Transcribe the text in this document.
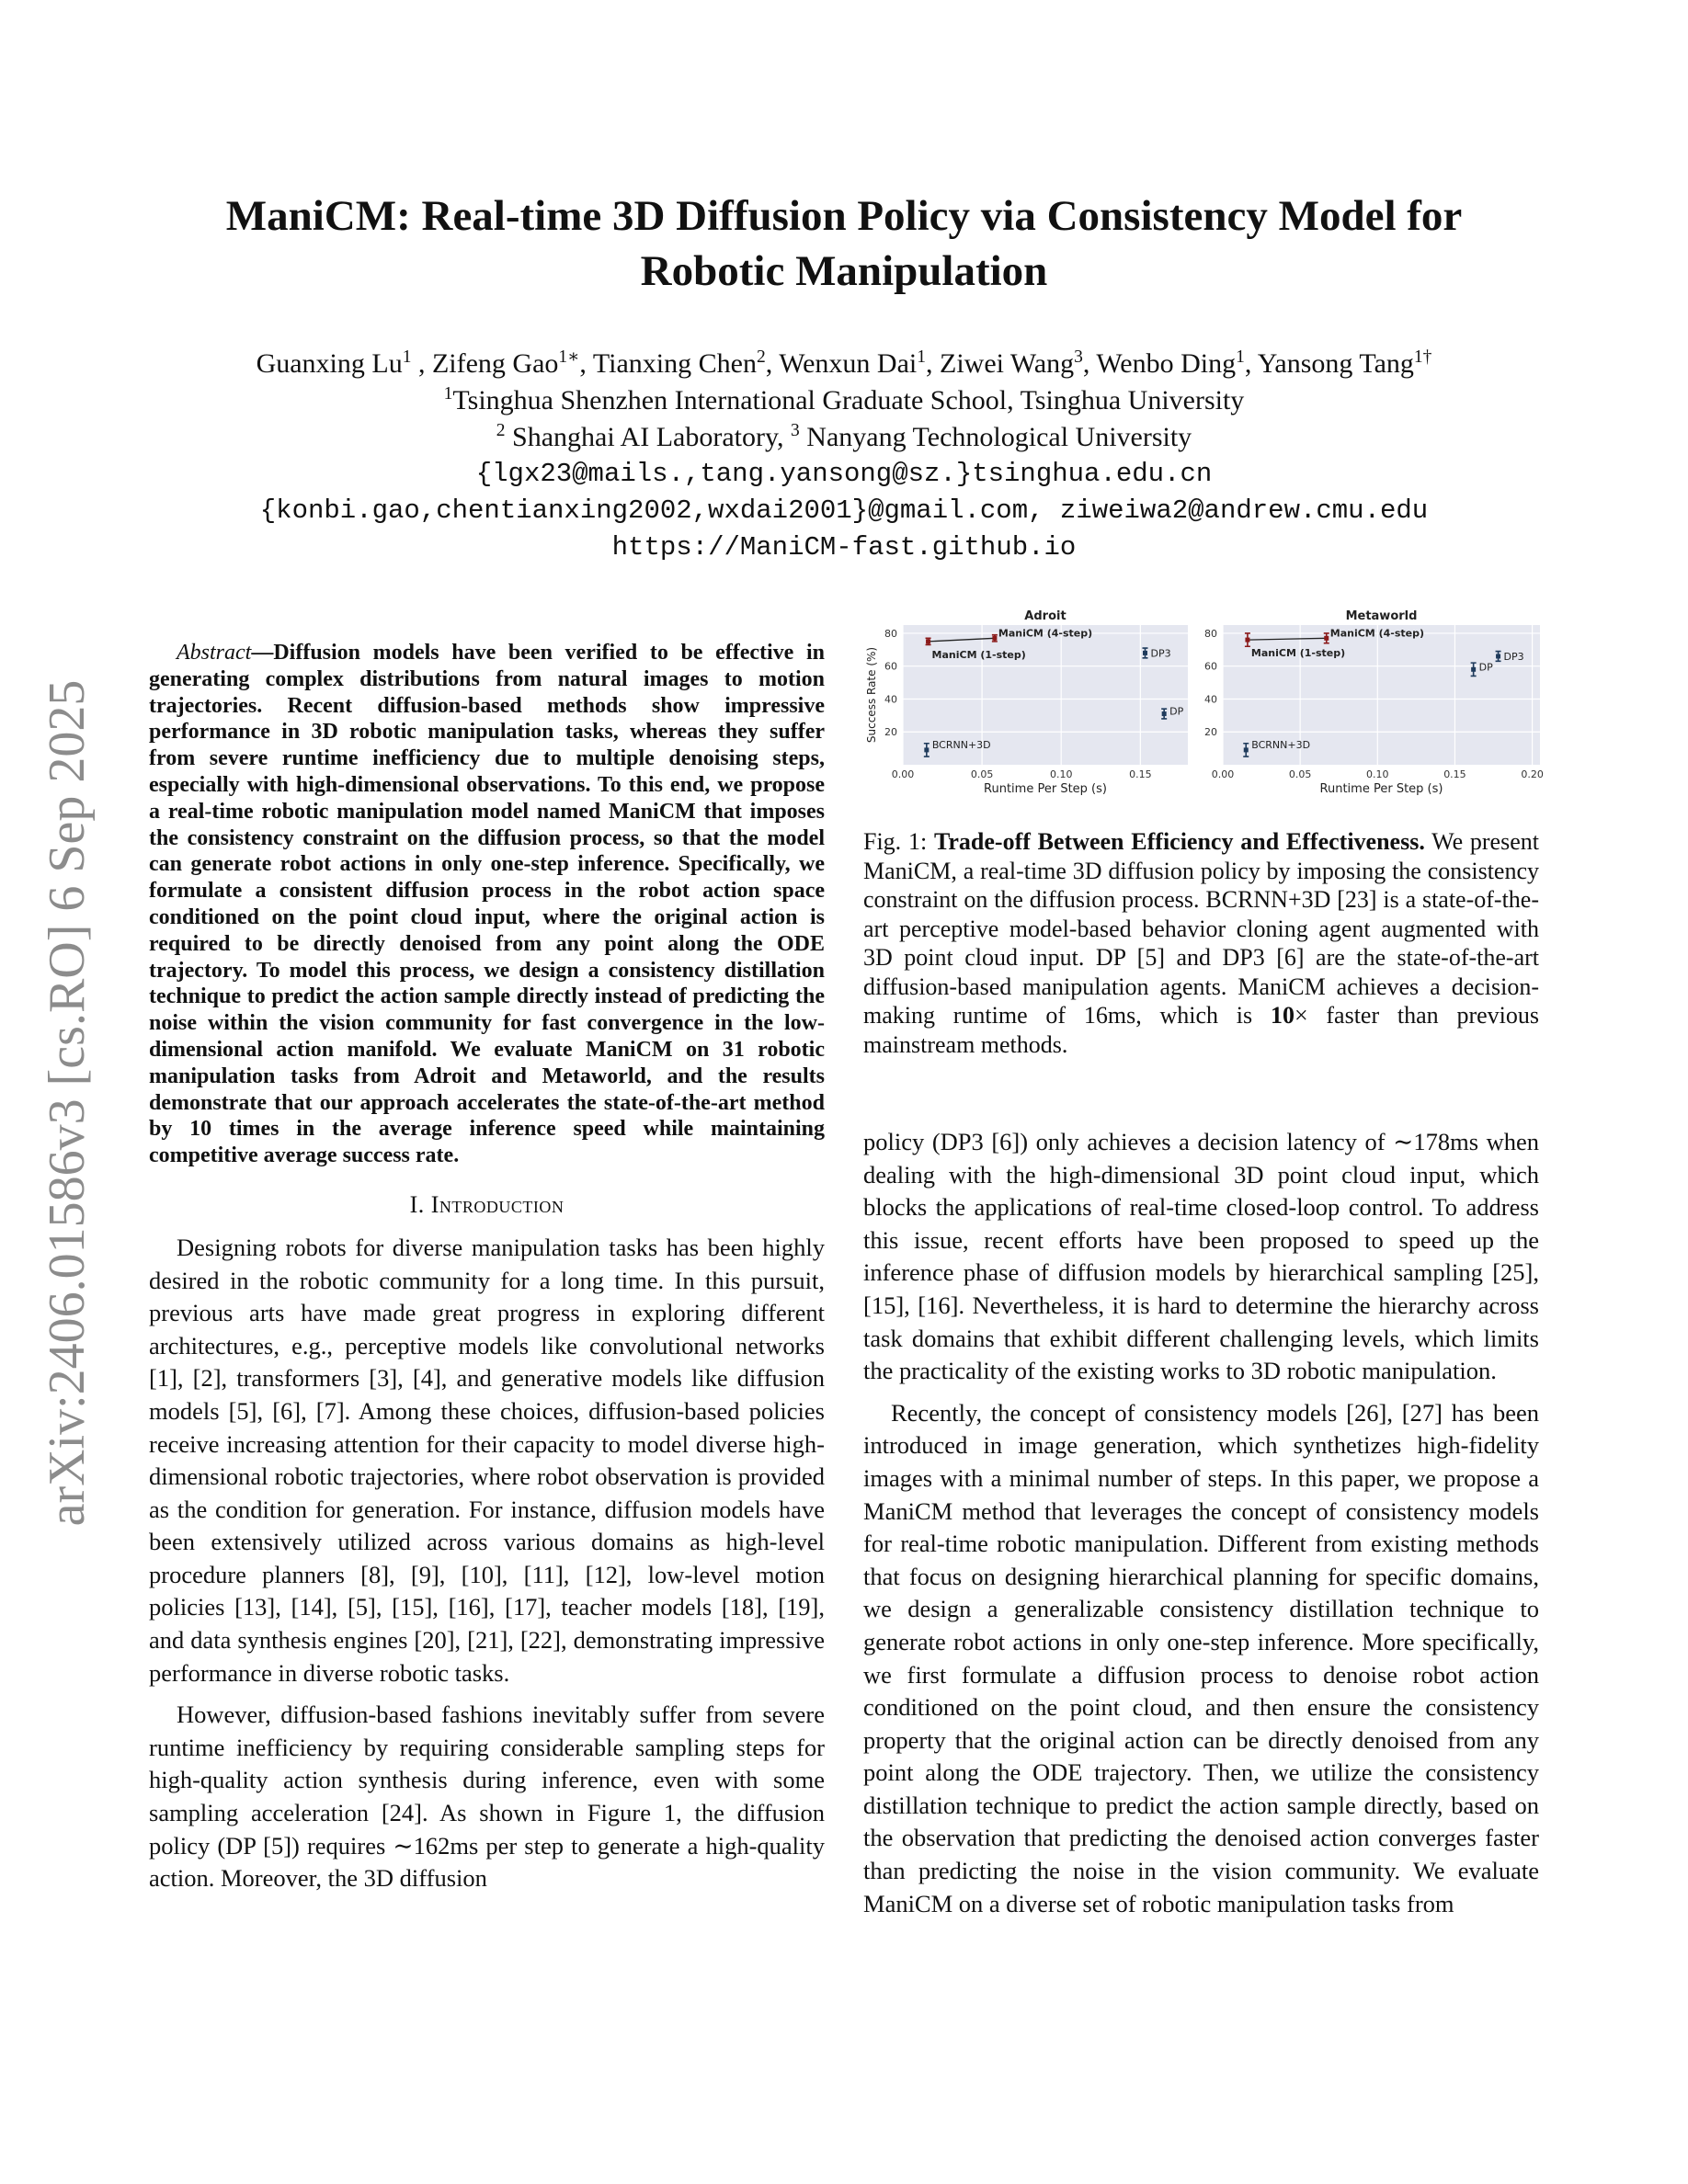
arXiv:2406.01586v3 [cs.RO] 6 Sep 2025
ManiCM: Real-time 3D Diffusion Policy via Consistency Model for
Robotic Manipulation
Guanxing Lu$^1$ , Zifeng Gao$^{1∗}$, Tianxing Chen$^2$, Wenxun Dai$^1$, Ziwei Wang$^3$, Wenbo Ding$^1$, Yansong Tang$^{1\dagger}$
$^1$Tsinghua Shenzhen International Graduate School, Tsinghua University
$^2$ Shanghai AI Laboratory, $^3$ Nanyang Technological University
{lgx23@mails.,tang.yansong@sz.}tsinghua.edu.cn
{konbi.gao,chentianxing2002,wxdai2001}@gmail.com, ziweiwa2@andrew.cmu.edu
https://ManiCM-fast.github.io

Abstract—Diffusion models have been verified to be effective in generating complex distributions from natural images to motion trajectories. Recent diffusion-based methods show impressive performance in 3D robotic manipulation tasks, whereas they suffer from severe runtime inefficiency due to multiple denoising steps, especially with high-dimensional observations. To this end, we propose a real-time robotic manipulation model named ManiCM that imposes the consistency constraint on the diffusion process, so that the model can generate robot actions in only one-step inference. Specifically, we formulate a consistent diffusion process in the robot action space conditioned on the point cloud input, where the original action is required to be directly denoised from any point along the ODE trajectory. To model this process, we design a consistency distillation technique to predict the action sample directly instead of predicting the noise within the vision community for fast convergence in the low-dimensional action manifold. We evaluate ManiCM on 31 robotic manipulation tasks from Adroit and Metaworld, and the results demonstrate that our approach accelerates the state-of-the-art method by 10 times in the average inference speed while maintaining competitive average success rate.

I. Introduction

Designing robots for diverse manipulation tasks has been highly desired in the robotic community for a long time. In this pursuit, previous arts have made great progress in exploring different architectures, e.g., perceptive models like convolutional networks [1], [2], transformers [3], [4], and generative models like diffusion models [5], [6], [7]. Among these choices, diffusion-based policies receive increasing attention for their capacity to model diverse high-dimensional robotic trajectories, where robot observation is provided as the condition for generation. For instance, diffusion models have been extensively utilized across various domains as high-level procedure planners [8], [9], [10], [11], [12], low-level motion policies [13], [14], [5], [15], [16], [17], teacher models [18], [19], and data synthesis engines [20], [21], [22], demonstrating impressive performance in diverse robotic tasks.

However, diffusion-based fashions inevitably suffer from severe runtime inefficiency by requiring considerable sampling steps for high-quality action synthesis during inference, even with some sampling acceleration [24]. As shown in Figure 1, the diffusion policy (DP [5]) requires ∼162ms per step to generate a high-quality action. Moreover, the 3D diffusion

0.00	0.05	0.10	0.15
20
40
60
80
Adroit
Runtime Per Step (s)
Success Rate (%)	ManiCM (1-step)
ManiCM (4-step)
DP3
DP
BCRNN+3D
0.00	0.05	0.10	0.15	0.20
20
40
60
80
Metaworld
Runtime Per Step (s)
ManiCM (1-step)
ManiCM (4-step)
DP3
DP
BCRNN+3D
Fig. 1: Trade-off Between Efficiency and Effectiveness. We present ManiCM, a real-time 3D diffusion policy by imposing the consistency constraint on the diffusion process. BCRNN+3D [23] is a state-of-the-art perceptive model-based behavior cloning agent augmented with 3D point cloud input. DP [5] and DP3 [6] are the state-of-the-art diffusion-based manipulation agents. ManiCM achieves a decision-making runtime of 16ms, which is 10× faster than previous mainstream methods.

policy (DP3 [6]) only achieves a decision latency of ∼178ms when dealing with the high-dimensional 3D point cloud input, which blocks the applications of real-time closed-loop control. To address this issue, recent efforts have been proposed to speed up the inference phase of diffusion models by hierarchical sampling [25], [15], [16]. Nevertheless, it is hard to determine the hierarchy across task domains that exhibit different challenging levels, which limits the practicality of the existing works to 3D robotic manipulation.

Recently, the concept of consistency models [26], [27] has been introduced in image generation, which synthetizes high-fidelity images with a minimal number of steps. In this paper, we propose a ManiCM method that leverages the concept of consistency models for real-time robotic manipulation. Different from existing methods that focus on designing hierarchical planning for specific domains, we design a generalizable consistency distillation technique to generate robot actions in only one-step inference. More specifically, we first formulate a diffusion process to denoise robot action conditioned on the point cloud, and then ensure the consistency property that the original action can be directly denoised from any point along the ODE trajectory. Then, we utilize the consistency distillation technique to predict the action sample directly, based on the observation that predicting the denoised action converges faster than predicting the noise in the vision community. We evaluate ManiCM on a diverse set of robotic manipulation tasks from
